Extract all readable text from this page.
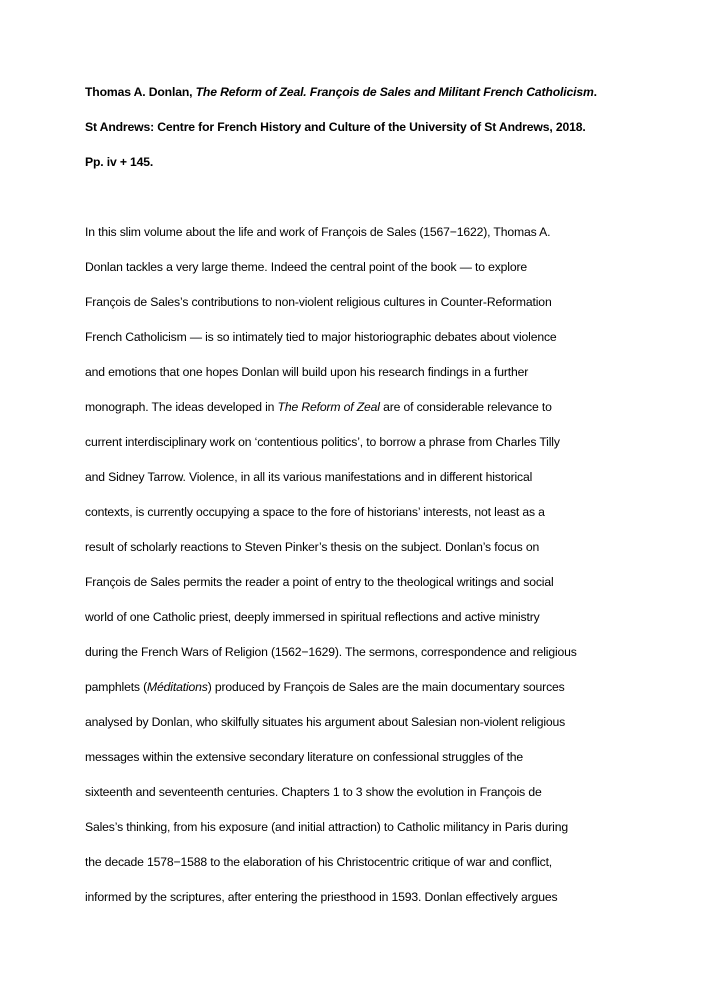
Thomas A. Donlan, The Reform of Zeal. François de Sales and Militant French Catholicism.
St Andrews: Centre for French History and Culture of the University of St Andrews, 2018.
Pp. iv + 145.
In this slim volume about the life and work of François de Sales (1567−1622), Thomas A.
Donlan tackles a very large theme. Indeed the central point of the book — to explore
François de Sales’s contributions to non-violent religious cultures in Counter-Reformation
French Catholicism — is so intimately tied to major historiographic debates about violence
and emotions that one hopes Donlan will build upon his research findings in a further
monograph. The ideas developed in The Reform of Zeal are of considerable relevance to
current interdisciplinary work on ‘contentious politics’, to borrow a phrase from Charles Tilly
and Sidney Tarrow. Violence, in all its various manifestations and in different historical
contexts, is currently occupying a space to the fore of historians’ interests, not least as a
result of scholarly reactions to Steven Pinker’s thesis on the subject. Donlan’s focus on
François de Sales permits the reader a point of entry to the theological writings and social
world of one Catholic priest, deeply immersed in spiritual reflections and active ministry
during the French Wars of Religion (1562−1629). The sermons, correspondence and religious
pamphlets (Méditations) produced by François de Sales are the main documentary sources
analysed by Donlan, who skilfully situates his argument about Salesian non-violent religious
messages within the extensive secondary literature on confessional struggles of the
sixteenth and seventeenth centuries. Chapters 1 to 3 show the evolution in François de
Sales’s thinking, from his exposure (and initial attraction) to Catholic militancy in Paris during
the decade 1578−1588 to the elaboration of his Christocentric critique of war and conflict,
informed by the scriptures, after entering the priesthood in 1593. Donlan effectively argues
